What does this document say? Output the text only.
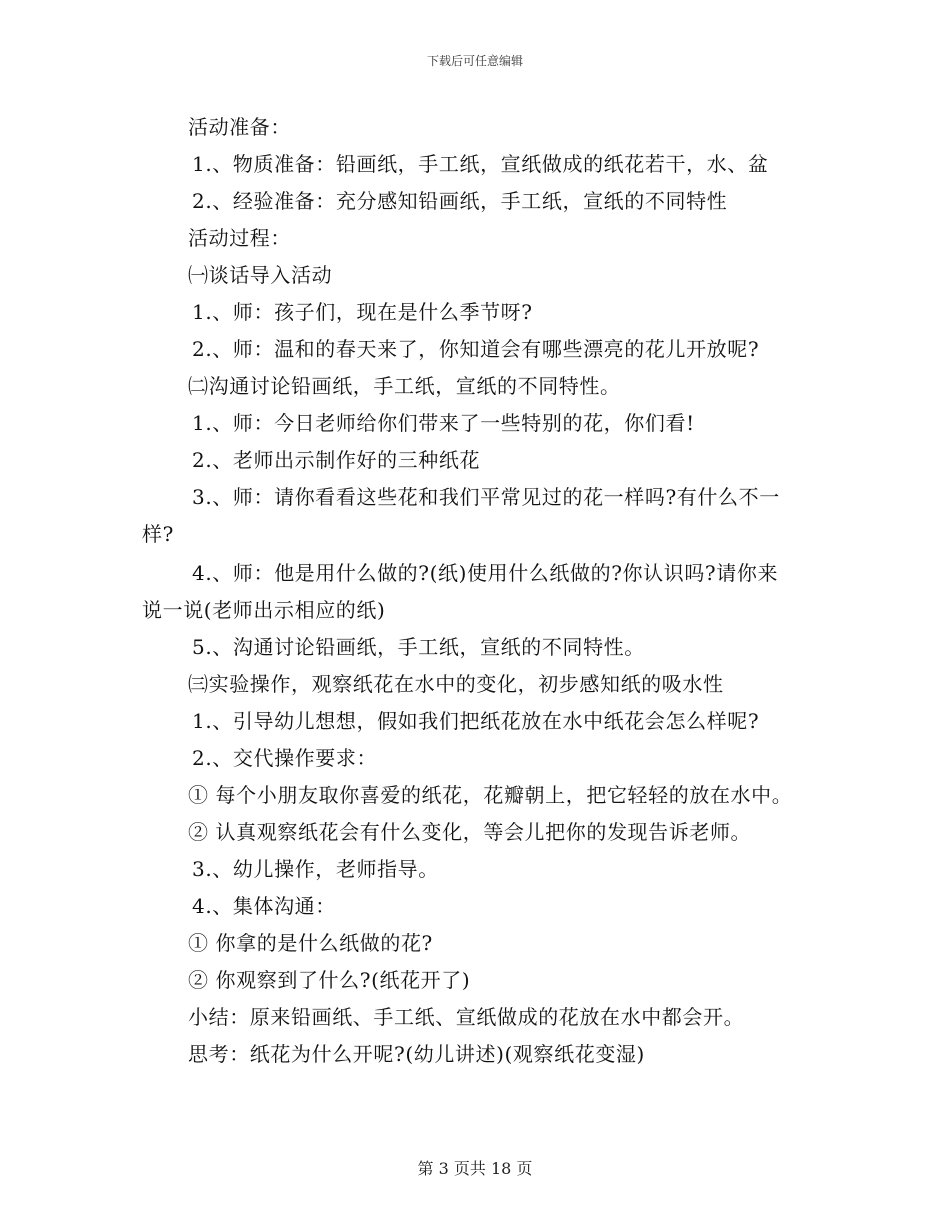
下载后可任意编辑
活动准备：
1.、物质准备：铅画纸，手工纸，宣纸做成的纸花若干，水、盆
2.、经验准备：充分感知铅画纸，手工纸，宣纸的不同特性
活动过程：
㈠谈话导入活动
1.、师：孩子们，现在是什么季节呀?
2.、师：温和的春天来了，你知道会有哪些漂亮的花儿开放呢?
㈡沟通讨论铅画纸，手工纸，宣纸的不同特性。
1.、师：今日老师给你们带来了一些特别的花，你们看!
2.、老师出示制作好的三种纸花
3.、师：请你看看这些花和我们平常见过的花一样吗?有什么不一
样?
4.、师：他是用什么做的?(纸)使用什么纸做的?你认识吗?请你来
说一说(老师出示相应的纸)
5.、沟通讨论铅画纸，手工纸，宣纸的不同特性。
㈢实验操作，观察纸花在水中的变化，初步感知纸的吸水性
1.、引导幼儿想想，假如我们把纸花放在水中纸花会怎么样呢?
2.、交代操作要求：
① 每个小朋友取你喜爱的纸花，花瓣朝上，把它轻轻的放在水中。
② 认真观察纸花会有什么变化，等会儿把你的发现告诉老师。
3.、幼儿操作，老师指导。
4.、集体沟通：
① 你拿的是什么纸做的花?
② 你观察到了什么?(纸花开了)
小结：原来铅画纸、手工纸、宣纸做成的花放在水中都会开。
思考：纸花为什么开呢?(幼儿讲述)(观察纸花变湿)
第 3 页共 18 页
